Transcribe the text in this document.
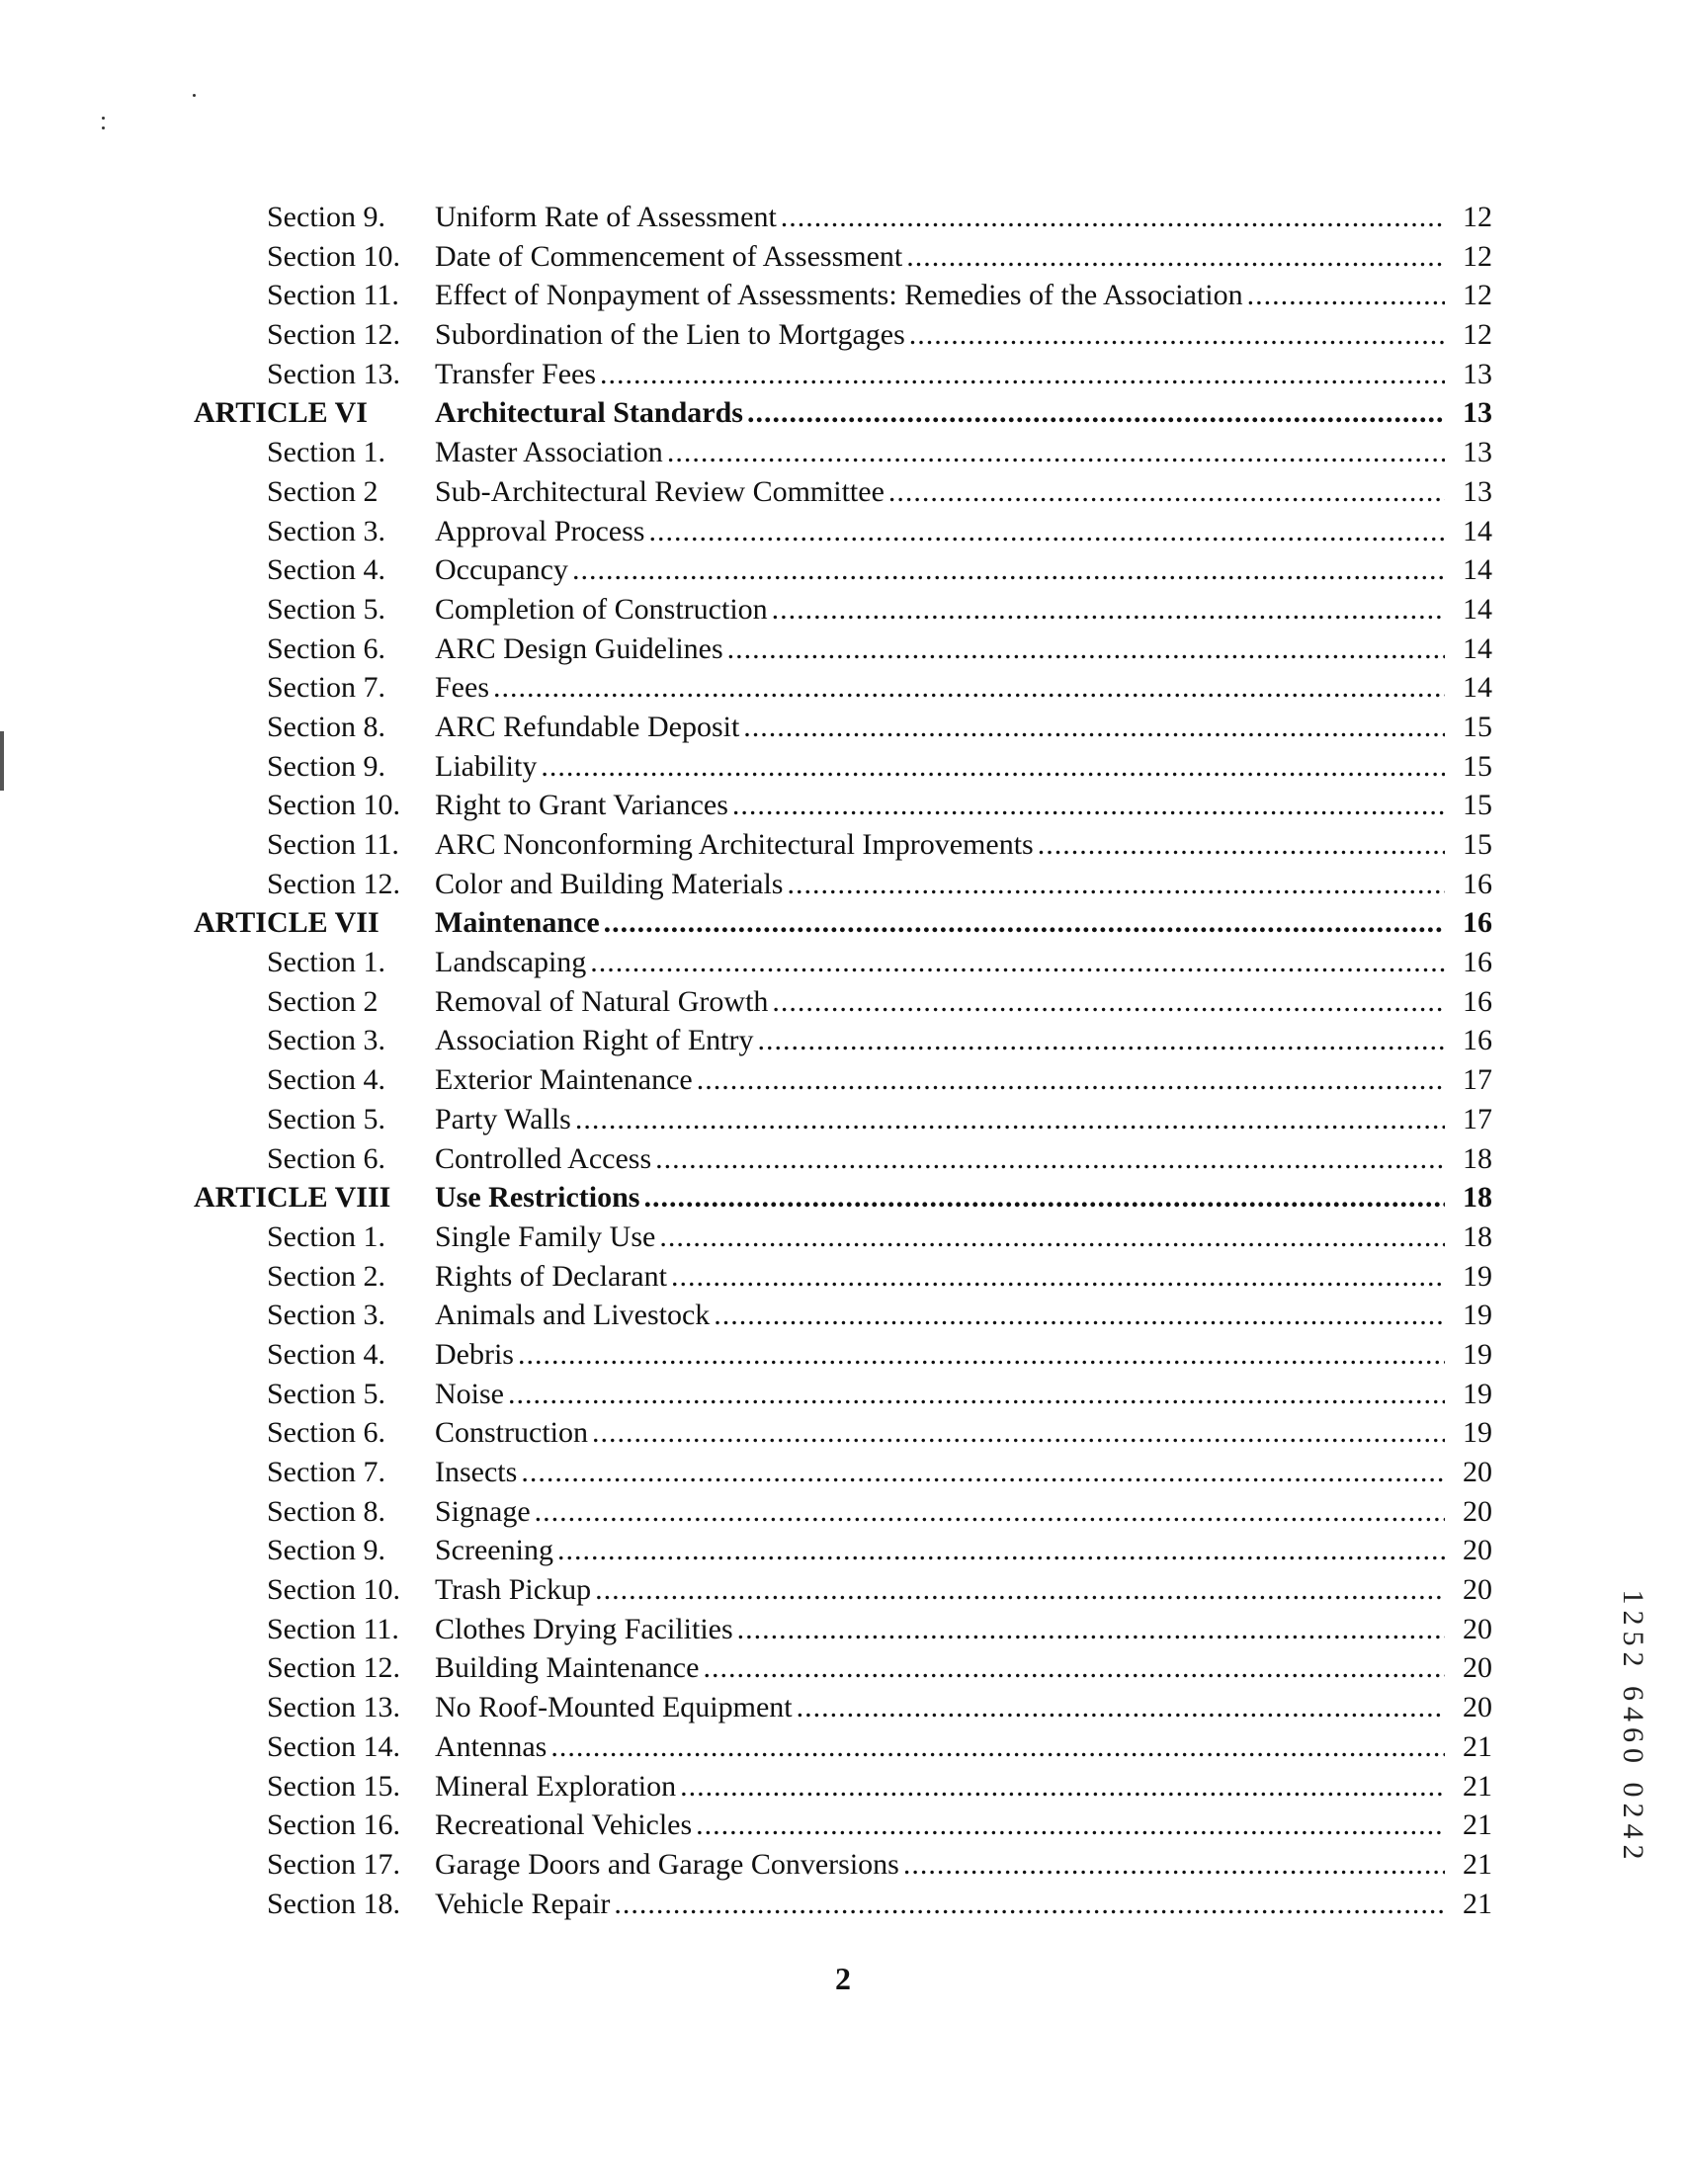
Section 9.	Uniform Rate of Assessment .....	12
Section 10.	Date of Commencement of Assessment .....	12
Section 11.	Effect of Nonpayment of Assessments: Remedies of the Association .....	12
Section 12.	Subordination of the Lien to Mortgages .....	12
Section 13.	Transfer Fees .....	13
ARTICLE VI	Architectural Standards .....	13
Section 1.	Master Association .....	13
Section 2	Sub-Architectural Review Committee .....	13
Section 3.	Approval Process .....	14
Section 4.	Occupancy .....	14
Section 5.	Completion of Construction .....	14
Section 6.	ARC Design Guidelines .....	14
Section 7.	Fees .....	14
Section 8.	ARC Refundable Deposit .....	15
Section 9.	Liability .....	15
Section 10.	Right to Grant Variances .....	15
Section 11.	ARC Nonconforming Architectural Improvements .....	15
Section 12.	Color and Building Materials .....	16
ARTICLE VII	Maintenance .....	16
Section 1.	Landscaping .....	16
Section 2	Removal of Natural Growth .....	16
Section 3.	Association Right of Entry .....	16
Section 4.	Exterior Maintenance .....	17
Section 5.	Party Walls .....	17
Section 6.	Controlled Access .....	18
ARTICLE VIII	Use Restrictions .....	18
Section 1.	Single Family Use .....	18
Section 2.	Rights of Declarant .....	19
Section 3.	Animals and Livestock .....	19
Section 4.	Debris .....	19
Section 5.	Noise .....	19
Section 6.	Construction .....	19
Section 7.	Insects .....	20
Section 8.	Signage .....	20
Section 9.	Screening .....	20
Section 10.	Trash Pickup .....	20
Section 11.	Clothes Drying Facilities .....	20
Section 12.	Building Maintenance .....	20
Section 13.	No Roof-Mounted Equipment .....	20
Section 14.	Antennas .....	21
Section 15.	Mineral Exploration .....	21
Section 16.	Recreational Vehicles .....	21
Section 17.	Garage Doors and Garage Conversions .....	21
Section 18.	Vehicle Repair .....	21
2
1252 6460 0242
